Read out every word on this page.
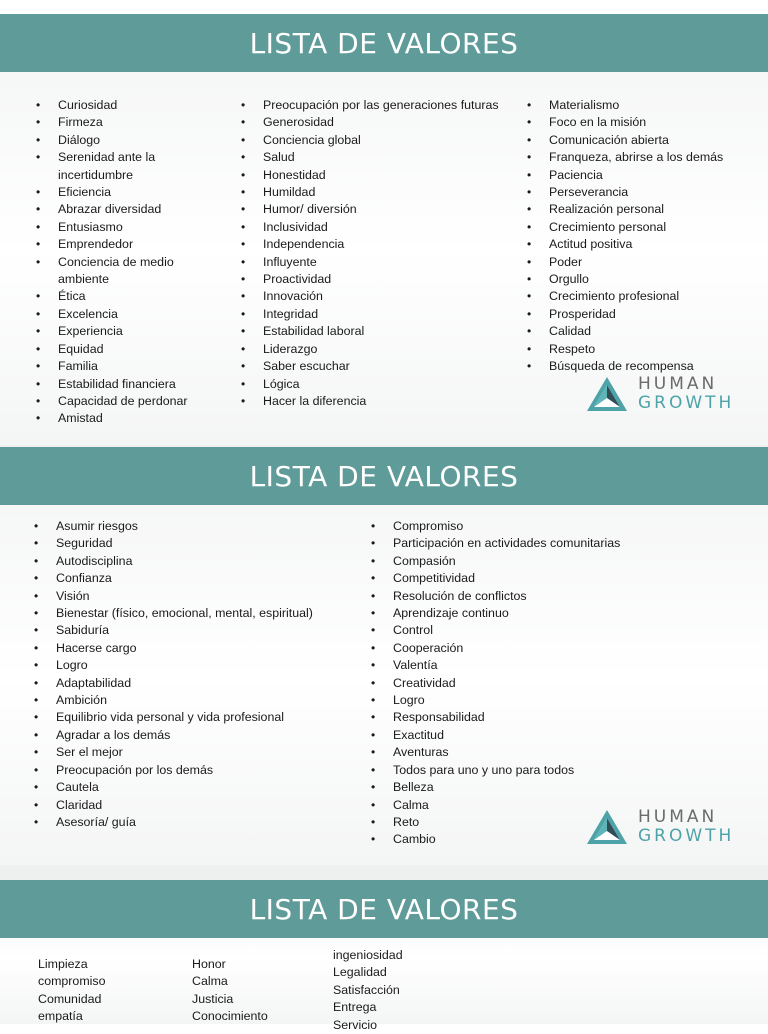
LISTA DE VALORES
• Curiosidad
• Firmeza
• Diálogo
• Serenidad ante la incertidumbre
• Eficiencia
• Abrazar diversidad
• Entusiasmo
• Emprendedor
• Conciencia de medio ambiente
• Ética
• Excelencia
• Experiencia
• Equidad
• Familia
• Estabilidad financiera
• Capacidad de perdonar
• Amistad
• Preocupación por las generaciones futuras
• Generosidad
• Conciencia global
• Salud
• Honestidad
• Humildad
• Humor/ diversión
• Inclusividad
• Independencia
• Influyente
• Proactividad
• Innovación
• Integridad
• Estabilidad laboral
• Liderazgo
• Saber escuchar
• Lógica
• Hacer la diferencia
• Materialismo
• Foco en la misión
• Comunicación abierta
• Franqueza, abrirse a los demás
• Paciencia
• Perseverancia
• Realización personal
• Crecimiento personal
• Actitud positiva
• Poder
• Orgullo
• Crecimiento profesional
• Prosperidad
• Calidad
• Respeto
• Búsqueda de recompensa
HUMAN
GROWTH
LISTA DE VALORES
• Asumir riesgos
• Seguridad
• Autodisciplina
• Confianza
• Visión
• Bienestar (físico, emocional, mental, espiritual)
• Sabiduría
• Hacerse cargo
• Logro
• Adaptabilidad
• Ambición
• Equilibrio vida personal y vida profesional
• Agradar a los demás
• Ser el mejor
• Preocupación por los demás
• Cautela
• Claridad
• Asesoría/ guía
• Compromiso
• Participación en actividades comunitarias
• Compasión
• Competitividad
• Resolución de conflictos
• Aprendizaje continuo
• Control
• Cooperación
• Valentía
• Creatividad
• Logro
• Responsabilidad
• Exactitud
• Aventuras
• Todos para uno y uno para todos
• Belleza
• Calma
• Reto
• Cambio
HUMAN
GROWTH
LISTA DE VALORES
Limpieza
compromiso
Comunidad
empatía
Honor
Calma
Justicia
Conocimiento
ingeniosidad
Legalidad
Satisfacción
Entrega
Servicio
